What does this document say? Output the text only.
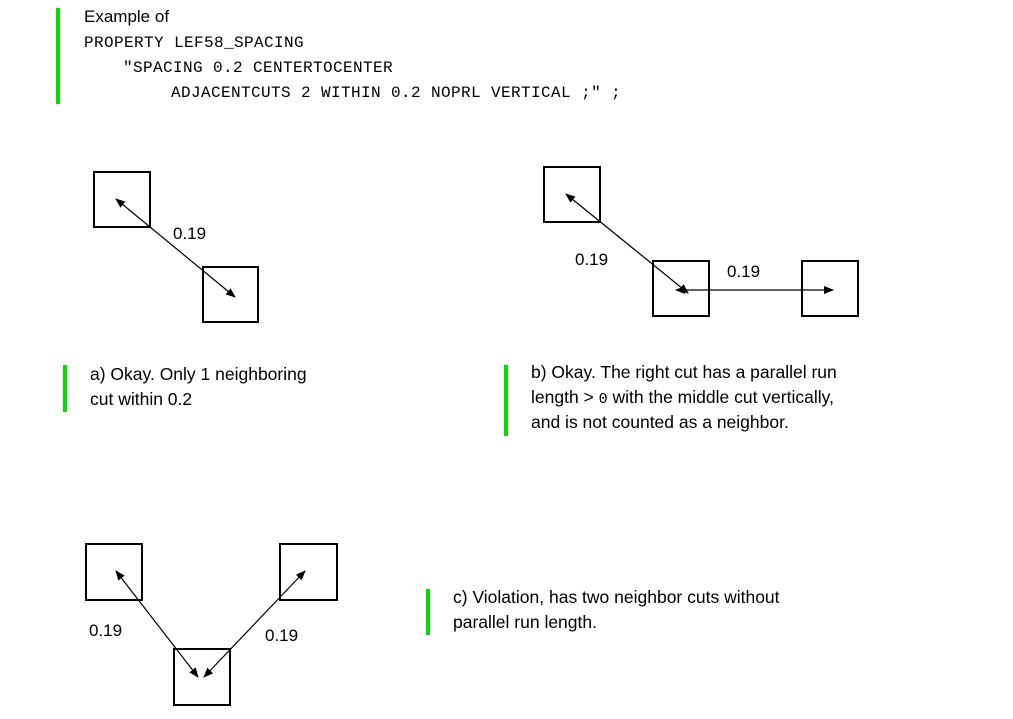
Example of
PROPERTY LEF58_SPACING
"SPACING 0.2 CENTERTOCENTER
ADJACENTCUTS 2 WITHIN 0.2 NOPRL VERTICAL ;" ;
0.19
a) Okay. Only 1 neighboring
cut within 0.2
0.19
0.19
b) Okay. The right cut has a parallel run
length > 0 with the middle cut vertically,
and is not counted as a neighbor.
0.19	0.19
c) Violation, has two neighbor cuts without
parallel run length.
